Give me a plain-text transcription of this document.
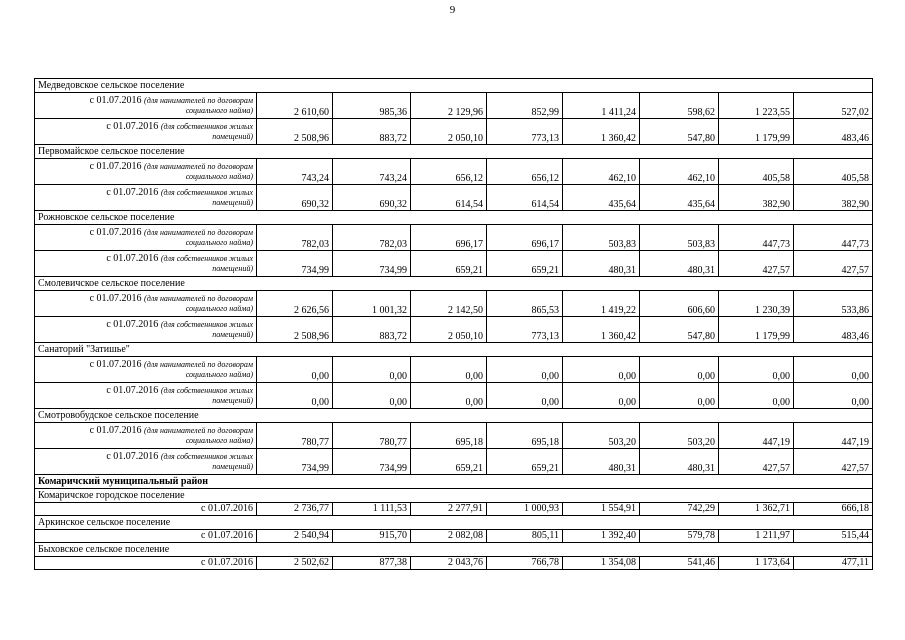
9
Медведовское сельское поселение								
с 01.07.2016 (для нанимателей по договорам
социального найма)	2 610,60	985,36	2 129,96	852,99	1 411,24	598,62	1 223,55	527,02
с 01.07.2016 (для собственников жилых
помещений)	2 508,96	883,72	2 050,10	773,13	1 360,42	547,80	1 179,99	483,46
Первомайское сельское поселение								
с 01.07.2016 (для нанимателей по договорам
социального найма)	743,24	743,24	656,12	656,12	462,10	462,10	405,58	405,58
с 01.07.2016 (для собственников жилых
помещений)	690,32	690,32	614,54	614,54	435,64	435,64	382,90	382,90
Рожновское сельское поселение								
с 01.07.2016 (для нанимателей по договорам
социального найма)	782,03	782,03	696,17	696,17	503,83	503,83	447,73	447,73
с 01.07.2016 (для собственников жилых
помещений)	734,99	734,99	659,21	659,21	480,31	480,31	427,57	427,57
Смолевичское сельское поселение								
с 01.07.2016 (для нанимателей по договорам
социального найма)	2 626,56	1 001,32	2 142,50	865,53	1 419,22	606,60	1 230,39	533,86
с 01.07.2016 (для собственников жилых
помещений)	2 508,96	883,72	2 050,10	773,13	1 360,42	547,80	1 179,99	483,46
Санаторий "Затишье"								
с 01.07.2016 (для нанимателей по договорам
социального найма)	0,00	0,00	0,00	0,00	0,00	0,00	0,00	0,00
с 01.07.2016 (для собственников жилых
помещений)	0,00	0,00	0,00	0,00	0,00	0,00	0,00	0,00
Смотровобудское сельское поселение								
с 01.07.2016 (для нанимателей по договорам
социального найма)	780,77	780,77	695,18	695,18	503,20	503,20	447,19	447,19
с 01.07.2016 (для собственников жилых
помещений)	734,99	734,99	659,21	659,21	480,31	480,31	427,57	427,57
Комаричский муниципальный район								
Комаричское городское поселение								
с 01.07.2016	2 736,77	1 111,53	2 277,91	1 000,93	1 554,91	742,29	1 362,71	666,18
Аркинское сельское поселение								
с 01.07.2016	2 540,94	915,70	2 082,08	805,11	1 392,40	579,78	1 211,97	515,44
Быховское сельское поселение								
с 01.07.2016	2 502,62	877,38	2 043,76	766,78	1 354,08	541,46	1 173,64	477,11
